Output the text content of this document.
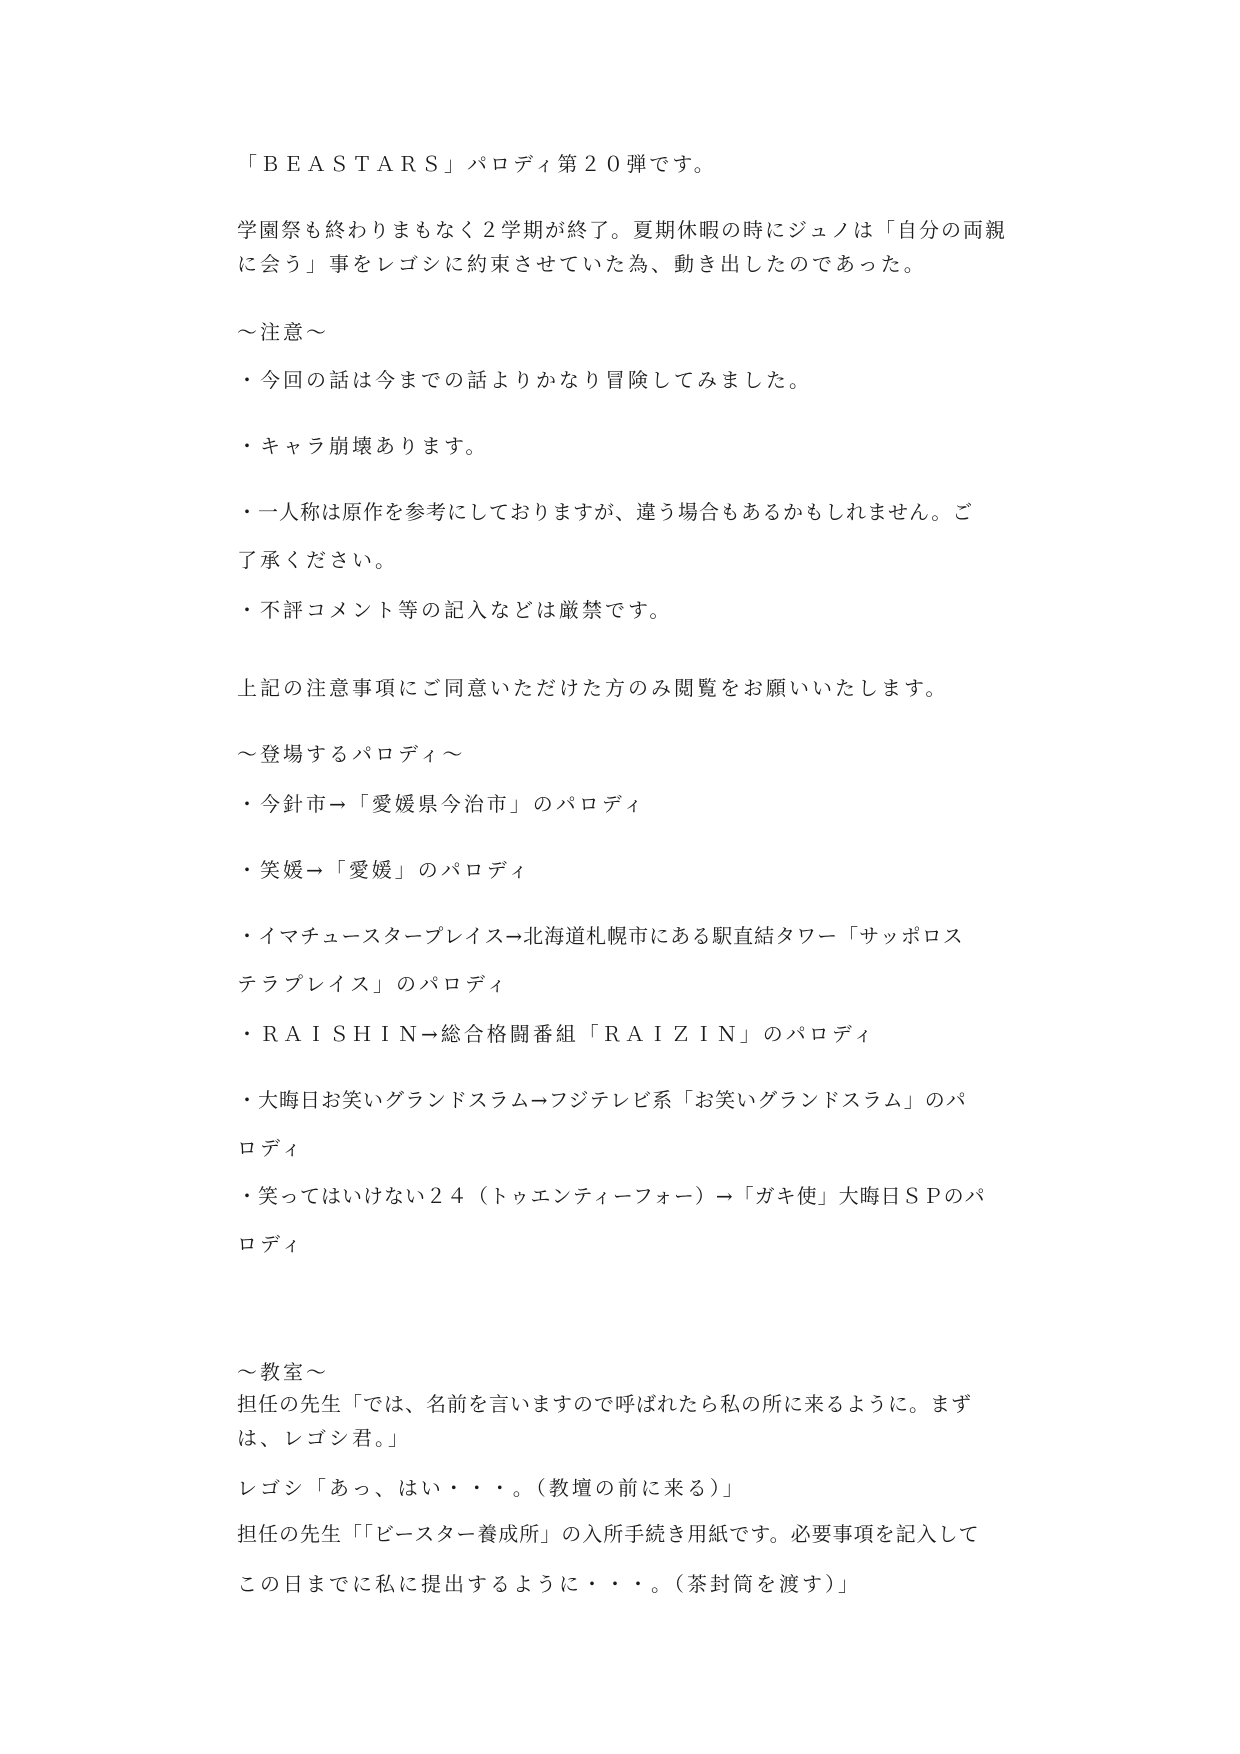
「ＢＥＡＳＴＡＲＳ」パロディ第２０弾です。

学園祭も終わりまもなく２学期が終了。夏期休暇の時にジュノは「自分の両親

に会う」事をレゴシに約束させていた為、動き出したのであった。

～注意～

・今回の話は今までの話よりかなり冒険してみました。

・キャラ崩壊あります。

・一人称は原作を参考にしておりますが、違う場合もあるかもしれません。ご

了承ください。

・不評コメント等の記入などは厳禁です。

上記の注意事項にご同意いただけた方のみ閲覧をお願いいたします。

～登場するパロディ～

・今針市→「愛媛県今治市」のパロディ

・笑媛→「愛媛」のパロディ

・イマチュースタープレイス→北海道札幌市にある駅直結タワー「サッポロス

テラプレイス」のパロディ

・ＲＡＩＳＨＩＮ→総合格闘番組「ＲＡＩＺＩＮ」のパロディ

・大晦日お笑いグランドスラム→フジテレビ系「お笑いグランドスラム」のパ

ロディ

・笑ってはいけない２４（トゥエンティーフォー）→「ガキ使」大晦日ＳＰのパ

ロディ

～教室～

担任の先生「では、名前を言いますので呼ばれたら私の所に来るように。まず

は、レゴシ君。」

レゴシ「あっ、はい・・・。（教壇の前に来る）」

担任の先生「「ビースター養成所」の入所手続き用紙です。必要事項を記入して

この日までに私に提出するように・・・。（茶封筒を渡す）」
